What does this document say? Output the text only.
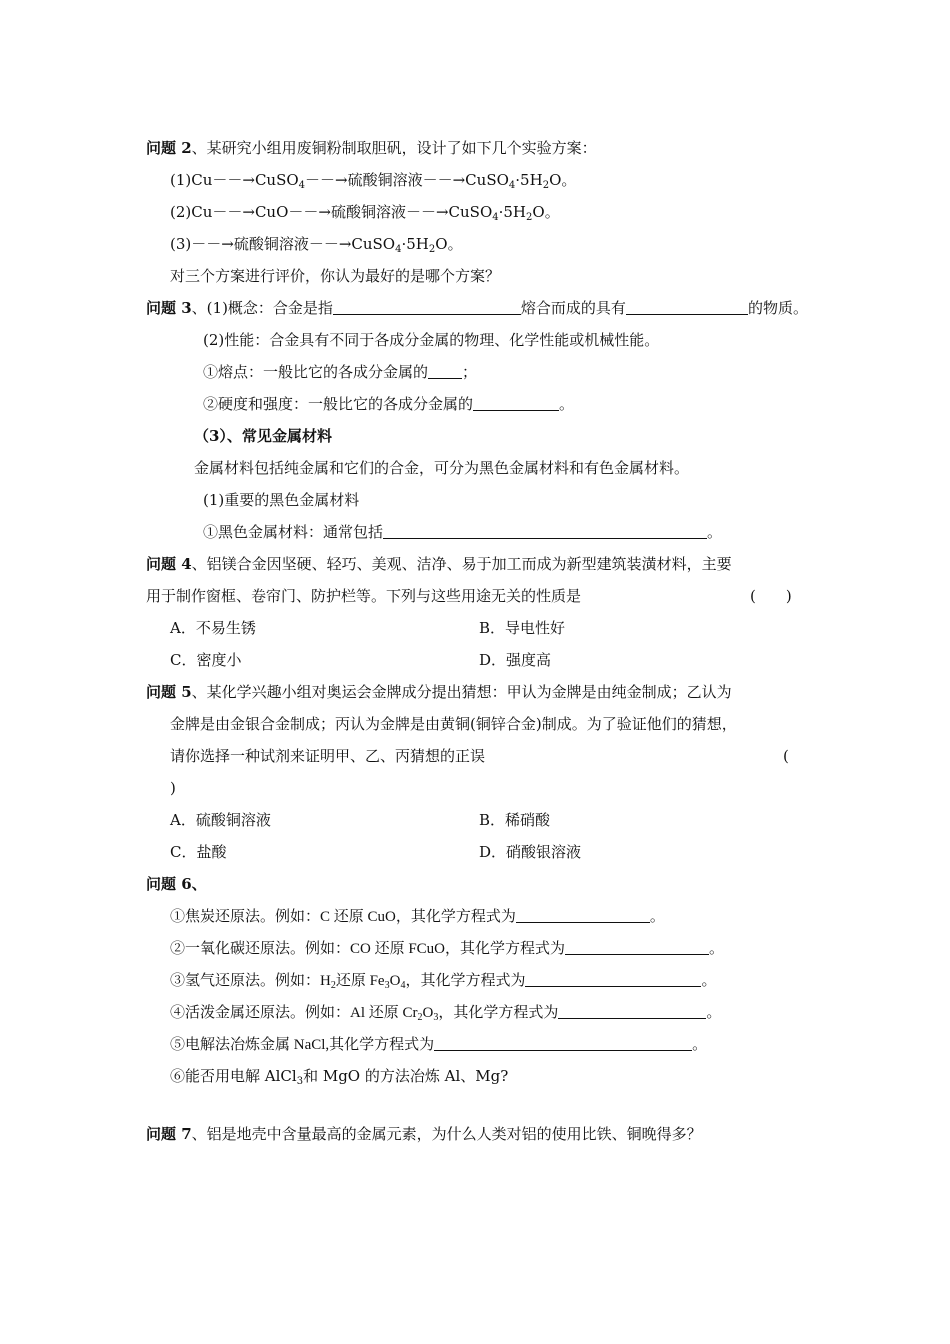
问题 2、某研究小组用废铜粉制取胆矾，设计了如下几个实验方案：
(1)Cu－－→CuSO$_4$－－→硫酸铜溶液$--\to CuSO_4\cdot 5H_2O$。
(2)Cu－－→CuO－－→硫酸铜溶液$--\to CuSO_4\cdot 5H_2O$。
(3)－－→硫酸铜溶液$--\to CuSO_4\cdot 5H_2O$。
对三个方案进行评价，你认为最好的是哪个方案？
问题 3、(1)概念：合金是指	熔合而成的具有	的物质。
(2)性能：合金具有不同于各成分金属的物理、化学性能或机械性能。
①熔点：一般比它的各成分金属的 ；
②硬度和强度：一般比它的各成分金属的	。
（3）、常见金属材料
金属材料包括纯金属和它们的合金，可分为黑色金属材料和有色金属材料。
(1)重要的黑色金属材料
①黑色金属材料：通常包括	。
问题 4、铝镁合金因坚硬、轻巧、美观、洁净、易于加工而成为新型建筑装潢材料，主要
用于制作窗框、卷帘门、防护栏等。下列与这些用途无关的性质是	(　　)
A．不易生锈	B．导电性好
C．密度小	D．强度高
问题 5、某化学兴趣小组对奥运会金牌成分提出猜想：甲认为金牌是由纯金制成；乙认为
金牌是由金银合金制成；丙认为金牌是由黄铜(铜锌合金)制成。为了验证他们的猜想，
请你选择一种试剂来证明甲、乙、丙猜想的正误	(
)
A．硫酸铜溶液	B．稀硝酸
C．盐酸	D．硝酸银溶液
问题 6、
①焦炭还原法。例如：C 还原 CuO，其化学方程式为	。
②一氧化碳还原法。例如：CO 还原 FCuO，其化学方程式为	。
③氢气还原法。例如：$H_2$还原 $Fe_3O_4$，其化学方程式为	。
④活泼金属还原法。例如：Al 还原 $Cr_2O_3$，其化学方程式为	。
⑤电解法冶炼金属 NaCl,其化学方程式为	。
⑥能否用电解 AlCl$_3$和 MgO 的方法冶炼 Al、Mg?
问题 7、铝是地壳中含量最高的金属元素，为什么人类对铝的使用比铁、铜晚得多？
